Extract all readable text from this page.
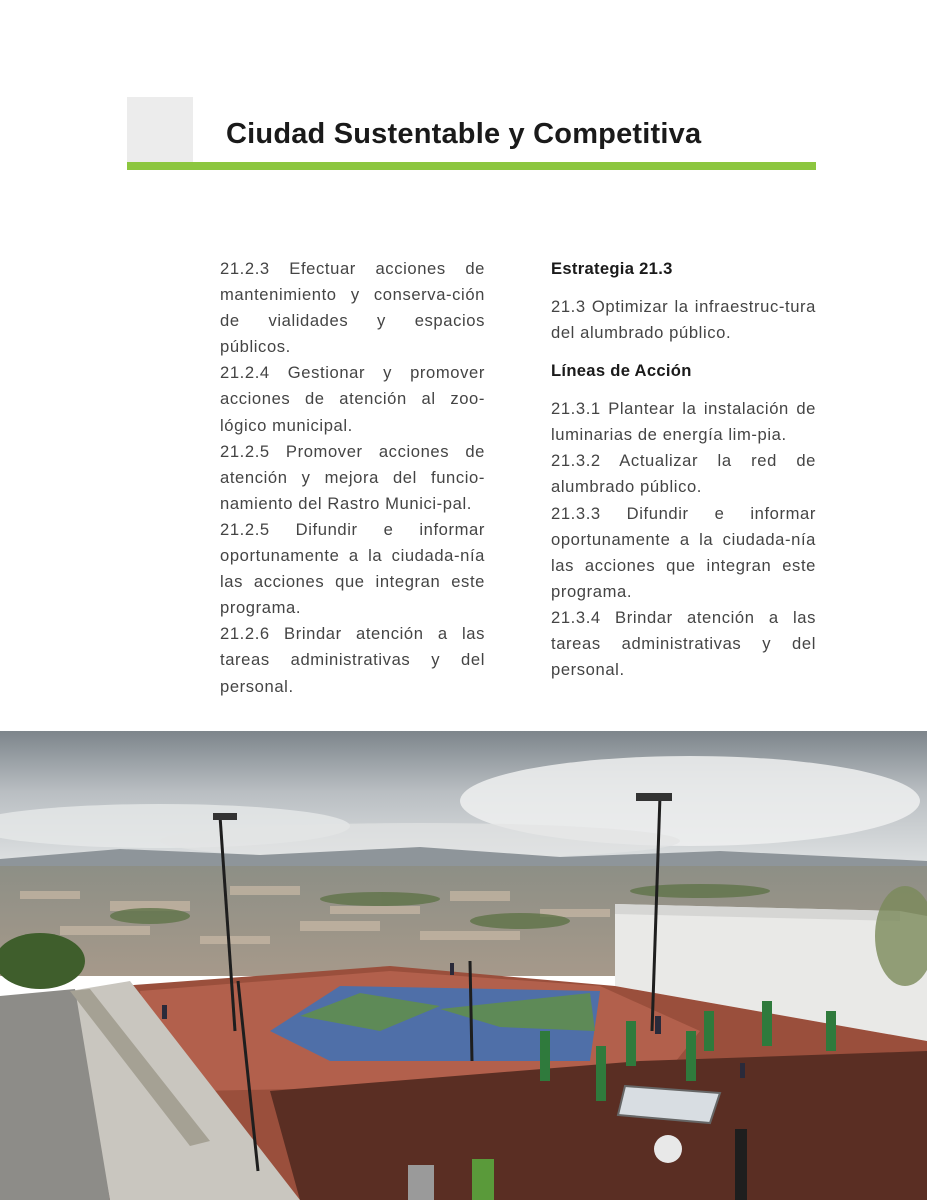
Ciudad Sustentable y Competitiva

21.2.3 Efectuar acciones de mantenimiento y conserva-ción de vialidades y espacios públicos.

21.2.4 Gestionar y promover acciones de atención al zoo-lógico municipal.

21.2.5 Promover acciones de atención y mejora del funcio-namiento del Rastro Munici-pal.

21.2.5 Difundir e informar oportunamente a la ciudada-nía las acciones que integran este programa.

21.2.6 Brindar atención a las tareas administrativas y del personal.

Estrategia 21.3

21.3 Optimizar la infraestruc-tura del alumbrado público.

Líneas de Acción

21.3.1 Plantear la instalación de luminarias de energía lim-pia.

21.3.2 Actualizar la red de alumbrado público.

21.3.3 Difundir e informar oportunamente a la ciudada-nía las acciones que integran este programa.

21.3.4 Brindar atención a las tareas administrativas y del personal.
